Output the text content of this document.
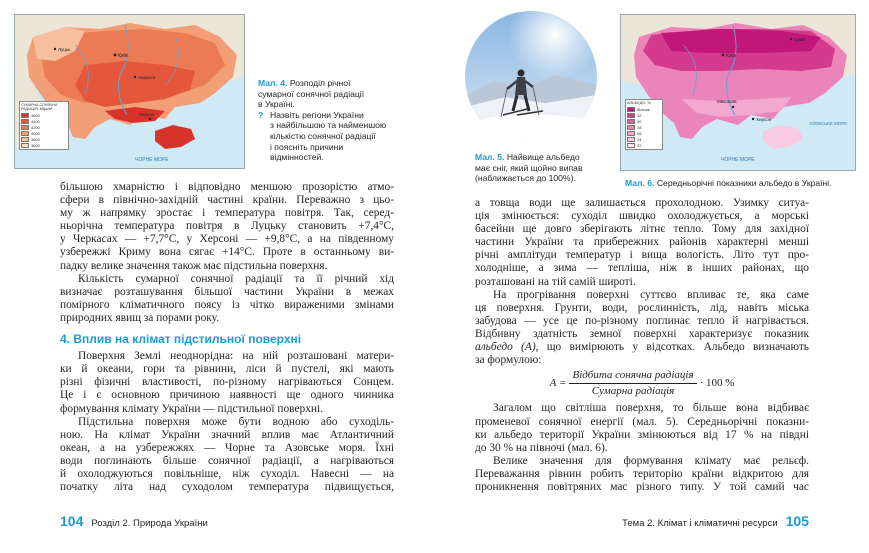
ЧОРНЕ МОРЕ
Київ
Луцьк
Черкаси
Херсон
СУМАРНА СОНЯЧНА РАДІАЦІЯ, МДж/м²
4600
4400
4200
4000
3800
3600
Мал. 4. Розподіл річної
сумарної сонячної радіації
в Україні.
? Назвіть регіони України
з найбільшою та найменшою
кількістю сонячної радіації
і поясніть причини
відмінностей.
більшою хмарністю і відповідно меншою прозорістю атмо-
сфери в північно-західній частині країни. Переважно з цьо-
му ж напрямку зростає і температура повітря. Так, серед-
ньорічна температура повітря в Луцьку становить +7,4°С,
у Черкасах — +7,7°С, у Херсоні — +9,8°С, а на південному
узбережжі Криму вона сягає +14°С. Проте в останньому ви-
падку велике значення також має підстильна поверхня.
Кількість сумарної сонячної радіації та її річний хід
визначає розташування більшої частини України в межах
помірного кліматичного поясу із чітко вираженими змінами
природних явищ за порами року.
4. Вплив на клімат підстильної поверхні
Поверхня Землі неоднорідна: на ній розташовані матери-
ки й океани, гори та рівнини, ліси й пустелі, які мають
різні фізичні властивості, по-різному нагріваються Сонцем.
Це і є основною причиною наявності ще одного чинника
формування клімату України — підстильної поверхні.
Підстильна поверхня може бути водною або суходіль-
ною. На клімат України значний вплив має Атлантичний
океан, а на узбережжях — Чорне та Азовське моря. Їхні
води поглинають більше сонячної радіації, а нагріваються
й охолоджуються повільніше, ніж суходіл. Навесні — на
початку літа над суходолом температура підвищується,
104 Розділ 2. Природа України
Мал. 5. Найвище альбедо
має сніг, який щойно випав
(наближається до 100%).
ЧОРНЕ МОРЕ
АЗОВСЬКЕ МОРЕ
Київ
Миколаїв
Херсон
Суми
АЛЬБЕДО, %
більше
32
30
28
26
24
22
Мал. 6. Середньорічні показники альбедо в Україні.
а товща води ще залишається прохолодною. Узимку ситуа-
ція змінюється: суходіл швидко охолоджується, а морські
басейни ще довго зберігають літнє тепло. Тому для західної
частини України та прибережних районів характерні менші
річні амплітуди температур і вища вологість. Літо тут про-
холодніше, а зима — тепліша, ніж в інших районах, що
розташовані на тій самій широті.
На прогрівання поверхні суттєво впливає те, яка саме
ця поверхня. Грунти, води, рослинність, лід, навіть міська
забудова — усе це по-різному поглинає тепло й нагрівається.
Відбивну здатність земної поверхні характеризує показник
альбедо (А), що вимірюють у відсотках. Альбедо визначають
за формулою:
$А = \frac{\text{Відбита сонячна радіація}}{\text{Сумарна радіація}} \cdot 100$ %
Загалом що світліша поверхня, то більше вона відбиває
променевої сонячної енергії (мал. 5). Середньорічні показни-
ки альбедо території України змінюються від 17 % на півдні
до 30 % на півночі (мал. 6).
Велике значення для формування клімату має рельєф.
Переважання рівнин робить територію країни відкритою для
проникнення повітряних мас різного типу. У той самий час
Тема 2. Клімат і кліматичні ресурси 105
